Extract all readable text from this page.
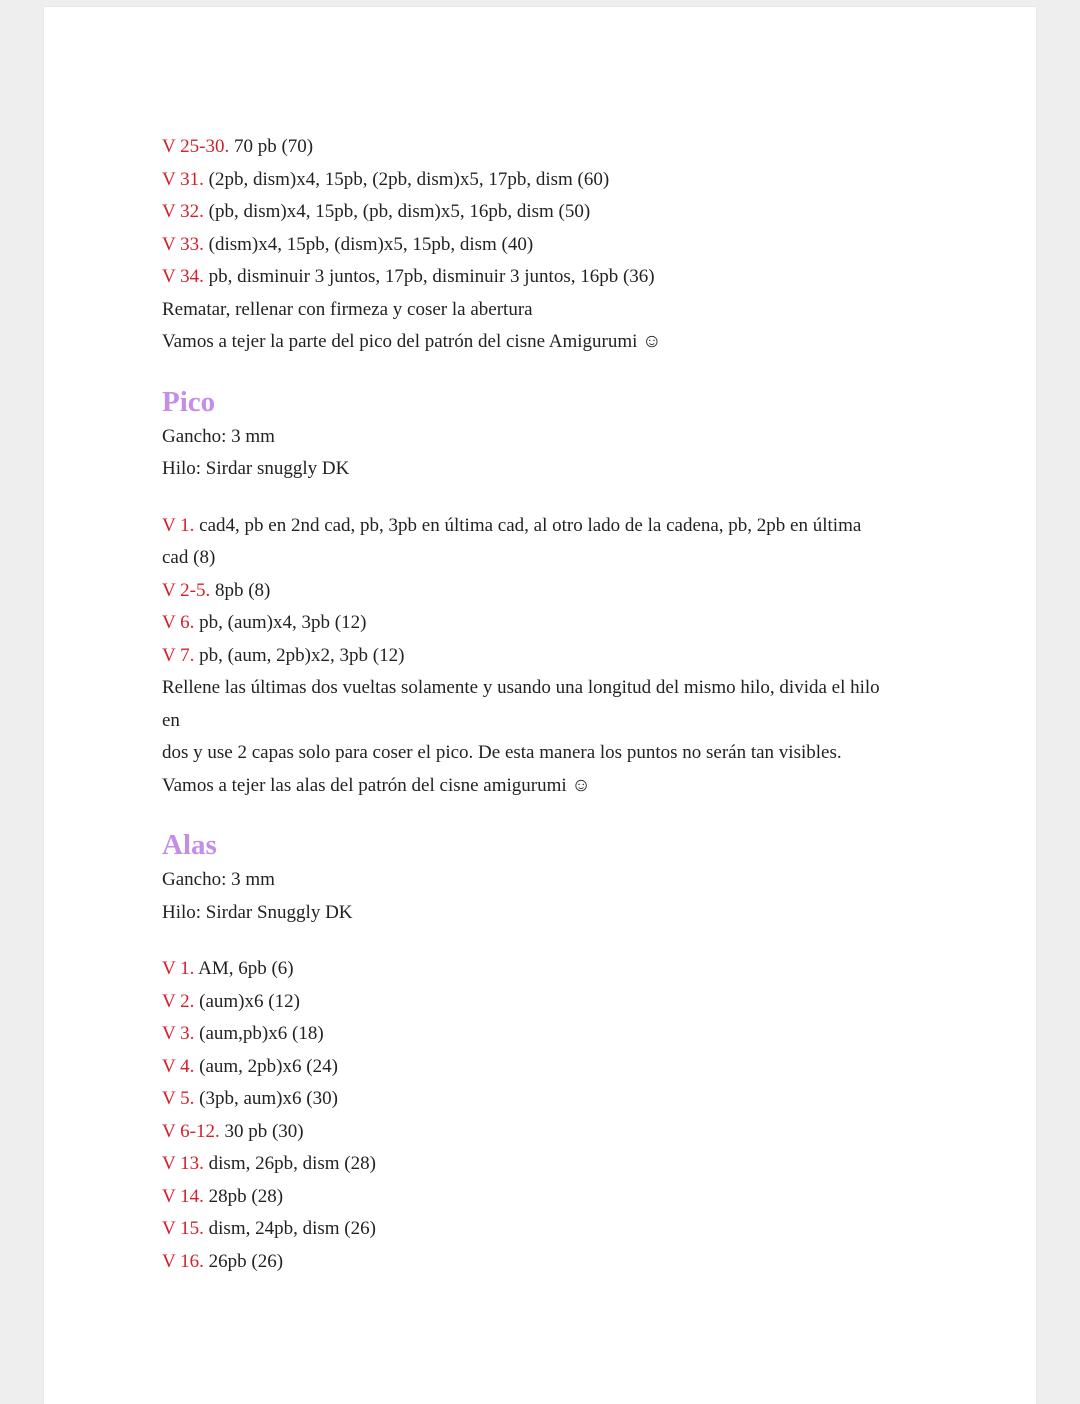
V 25-30. 70 pb (70)

V 31. (2pb, dism)x4, 15pb, (2pb, dism)x5, 17pb, dism (60)

V 32. (pb, dism)x4, 15pb, (pb, dism)x5, 16pb, dism (50)

V 33. (dism)x4, 15pb, (dism)x5, 15pb, dism (40)

V 34. pb, disminuir 3 juntos, 17pb, disminuir 3 juntos, 16pb (36)

Rematar, rellenar con firmeza y coser la abertura

Vamos a tejer la parte del pico del patrón del cisne Amigurumi ☺

Pico

Gancho: 3 mm

Hilo: Sirdar snuggly DK

V 1. cad4, pb en 2nd cad, pb, 3pb en última cad, al otro lado de la cadena, pb, 2pb en última

cad (8)

V 2-5. 8pb (8)

V 6. pb, (aum)x4, 3pb (12)

V 7. pb, (aum, 2pb)x2, 3pb (12)

Rellene las últimas dos vueltas solamente y usando una longitud del mismo hilo, divida el hilo

en

dos y use 2 capas solo para coser el pico. De esta manera los puntos no serán tan visibles.

Vamos a tejer las alas del patrón del cisne amigurumi ☺

Alas

Gancho: 3 mm

Hilo: Sirdar Snuggly DK

V 1. AM, 6pb (6)

V 2. (aum)x6 (12)

V 3. (aum,pb)x6 (18)

V 4. (aum, 2pb)x6 (24)

V 5. (3pb, aum)x6 (30)

V 6-12. 30 pb (30)

V 13. dism, 26pb, dism (28)

V 14. 28pb (28)

V 15. dism, 24pb, dism (26)

V 16. 26pb (26)
